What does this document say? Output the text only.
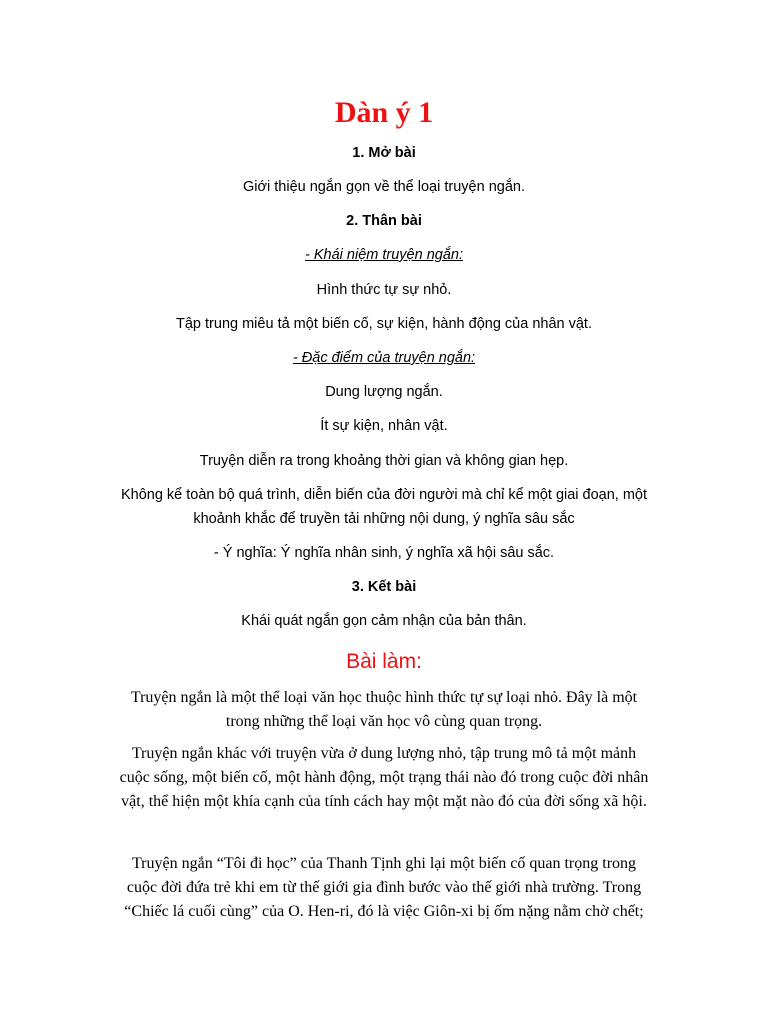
Dàn ý 1
1. Mở bài
Giới thiệu ngắn gọn về thể loại truyện ngắn.
2. Thân bài
- Khái niệm truyện ngắn:
Hình thức tự sự nhỏ.
Tập trung miêu tả một biến cố, sự kiện, hành động của nhân vật.
- Đặc điểm của truyện ngắn:
Dung lượng ngắn.
Ít sự kiện, nhân vật.
Truyện diễn ra trong khoảng thời gian và không gian hẹp.
Không kể toàn bộ quá trình, diễn biến của đời người mà chỉ kể một giai đoạn, một
khoảnh khắc để truyền tải những nội dung, ý nghĩa sâu sắc
- Ý nghĩa: Ý nghĩa nhân sinh, ý nghĩa xã hội sâu sắc.
3. Kết bài
Khái quát ngắn gọn cảm nhận của bản thân.
Bài làm:
Truyện ngắn là một thể loại văn học thuộc hình thức tự sự loại nhỏ. Đây là một
trong những thể loại văn học vô cùng quan trọng.
Truyện ngắn khác với truyện vừa ở dung lượng nhỏ, tập trung mô tả một mảnh
cuộc sống, một biến cố, một hành động, một trạng thái nào đó trong cuộc đời nhân
vật, thể hiện một khía cạnh của tính cách hay một mặt nào đó của đời sống xã hội.
Truyện ngắn “Tôi đi học” của Thanh Tịnh ghi lại một biến cố quan trọng trong
cuộc đời đứa trẻ khi em từ thế giới gia đình bước vào thế giới nhà trường. Trong
“Chiếc lá cuối cùng” của O. Hen-ri, đó là việc Giôn-xi bị ốm nặng nằm chờ chết;
